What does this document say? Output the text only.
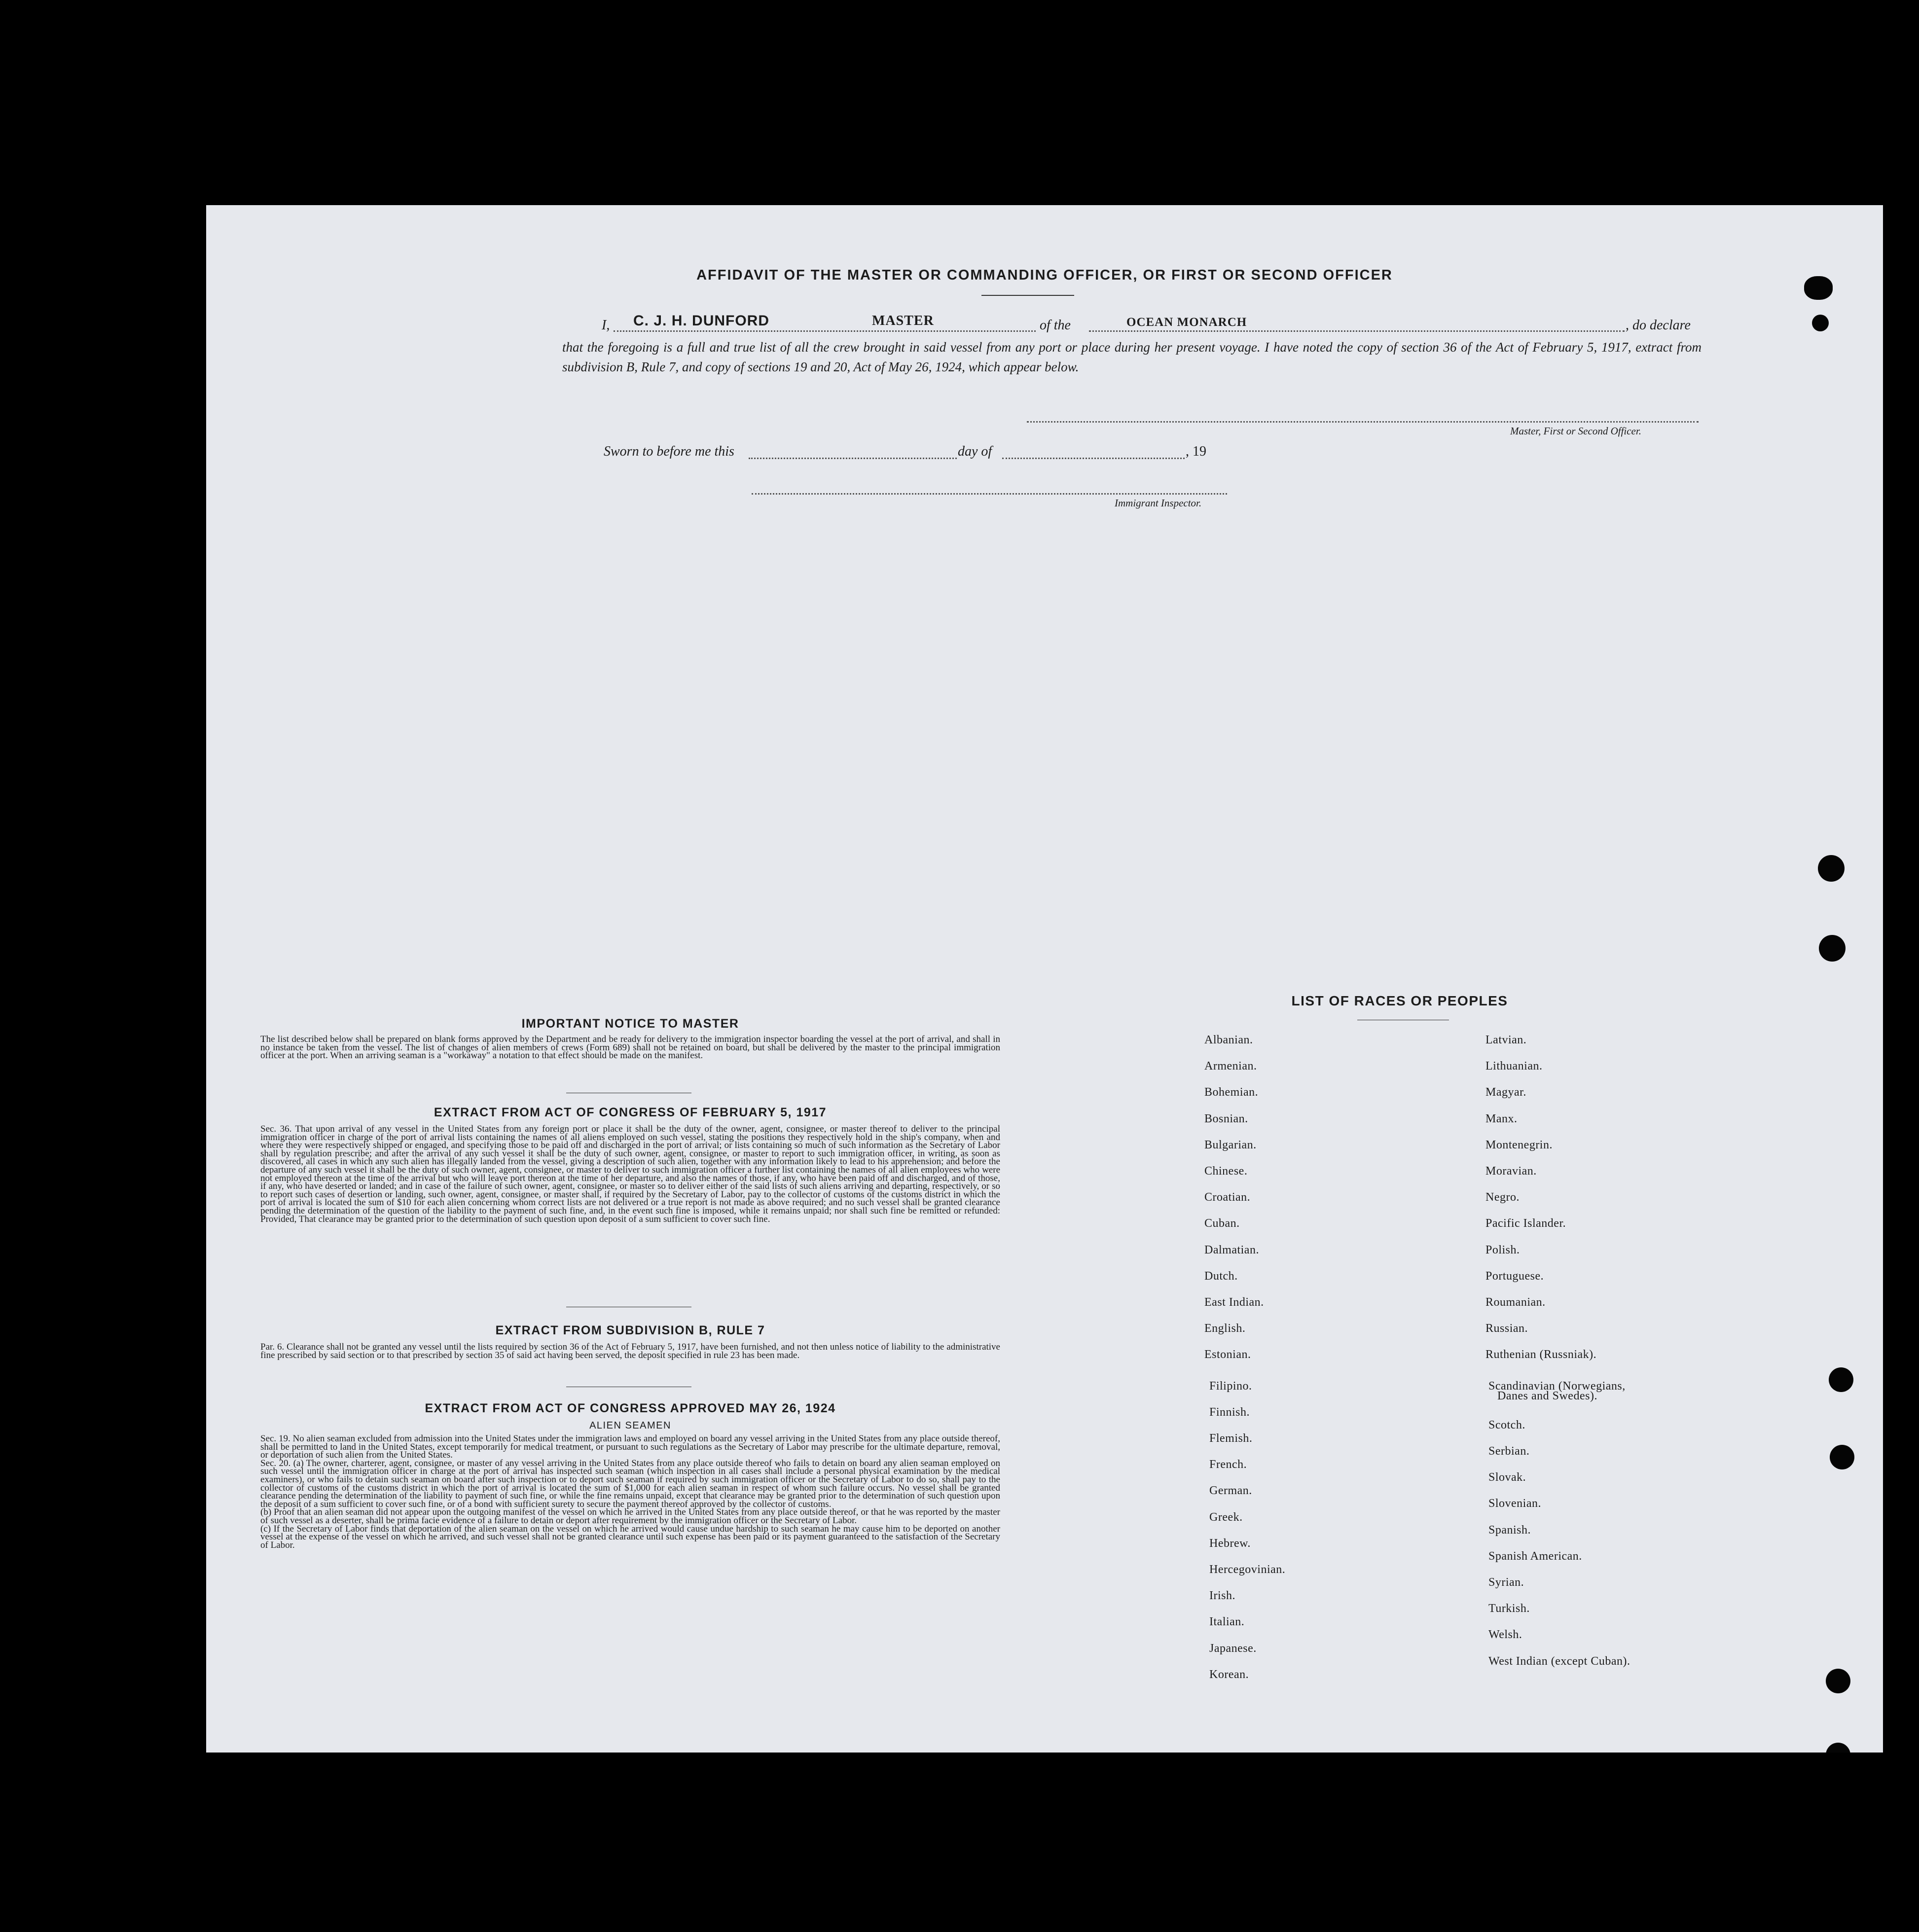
AFFIDAVIT OF THE MASTER OR COMMANDING OFFICER, OR FIRST OR SECOND OFFICER
I, C. J. H. DUNFORD	MASTER	of the	OCEAN MONARCH	, do declare
that the foregoing is a full and true list of all the crew brought in said vessel from any port or place during her present voyage. I have noted the copy of section 36 of the Act of February 5, 1917, extract from subdivision B, Rule 7, and copy of sections 19 and 20, Act of May 26, 1924, which appear below.
Master, First or Second Officer.
Sworn to before me this	day of	, 19
Immigrant Inspector.
IMPORTANT NOTICE TO MASTER
The list described below shall be prepared on blank forms approved by the Department and be ready for delivery to the immigration inspector boarding the vessel at the port of arrival, and shall in no instance be taken from the vessel. The list of changes of alien members of crews (Form 689) shall not be retained on board, but shall be delivered by the master to the principal immigration officer at the port. When an arriving seaman is a "workaway" a notation to that effect should be made on the manifest.
EXTRACT FROM ACT OF CONGRESS OF FEBRUARY 5, 1917
Sec. 36. That upon arrival of any vessel in the United States from any foreign port or place it shall be the duty of the owner, agent, consignee, or master thereof to deliver to the principal immigration officer in charge of the port of arrival lists containing the names of all aliens employed on such vessel, stating the positions they respectively hold in the ship's company, when and where they were respectively shipped or engaged, and specifying those to be paid off and discharged in the port of arrival; or lists containing so much of such information as the Secretary of Labor shall by regulation prescribe; and after the arrival of any such vessel it shall be the duty of such owner, agent, consignee, or master to report to such immigration officer, in writing, as soon as discovered, all cases in which any such alien has illegally landed from the vessel, giving a description of such alien, together with any information likely to lead to his apprehension; and before the departure of any such vessel it shall be the duty of such owner, agent, consignee, or master to deliver to such immigration officer a further list containing the names of all alien employees who were not employed thereon at the time of the arrival but who will leave port thereon at the time of her departure, and also the names of those, if any, who have been paid off and discharged, and of those, if any, who have deserted or landed; and in case of the failure of such owner, agent, consignee, or master so to deliver either of the said lists of such aliens arriving and departing, respectively, or so to report such cases of desertion or landing, such owner, agent, consignee, or master shall, if required by the Secretary of Labor, pay to the collector of customs of the customs district in which the port of arrival is located the sum of $10 for each alien concerning whom correct lists are not delivered or a true report is not made as above required; and no such vessel shall be granted clearance pending the determination of the question of the liability to the payment of such fine, and, in the event such fine is imposed, while it remains unpaid; nor shall such fine be remitted or refunded: Provided, That clearance may be granted prior to the determination of such question upon deposit of a sum sufficient to cover such fine.
EXTRACT FROM SUBDIVISION B, RULE 7
Par. 6. Clearance shall not be granted any vessel until the lists required by section 36 of the Act of February 5, 1917, have been furnished, and not then unless notice of liability to the administrative fine prescribed by said section or to that prescribed by section 35 of said act having been served, the deposit specified in rule 23 has been made.
EXTRACT FROM ACT OF CONGRESS APPROVED MAY 26, 1924
ALIEN SEAMEN
Sec. 19. No alien seaman excluded from admission into the United States under the immigration laws and employed on board any vessel arriving in the United States from any place outside thereof, shall be permitted to land in the United States, except temporarily for medical treatment, or pursuant to such regulations as the Secretary of Labor may prescribe for the ultimate departure, removal, or deportation of such alien from the United States.
Sec. 20. (a) The owner, charterer, agent, consignee, or master of any vessel arriving in the United States from any place outside thereof who fails to detain on board any alien seaman employed on such vessel until the immigration officer in charge at the port of arrival has inspected such seaman (which inspection in all cases shall include a personal physical examination by the medical examiners), or who fails to detain such seaman on board after such inspection or to deport such seaman if required by such immigration officer or the Secretary of Labor to do so, shall pay to the collector of customs of the customs district in which the port of arrival is located the sum of $1,000 for each alien seaman in respect of whom such failure occurs. No vessel shall be granted clearance pending the determination of the liability to payment of such fine, or while the fine remains unpaid, except that clearance may be granted prior to the determination of such question upon the deposit of a sum sufficient to cover such fine, or of a bond with sufficient surety to secure the payment thereof approved by the collector of customs.
(b) Proof that an alien seaman did not appear upon the outgoing manifest of the vessel on which he arrived in the United States from any place outside thereof, or that he was reported by the master of such vessel as a deserter, shall be prima facie evidence of a failure to detain or deport after requirement by the immigration officer or the Secretary of Labor.
(c) If the Secretary of Labor finds that deportation of the alien seaman on the vessel on which he arrived would cause undue hardship to such seaman he may cause him to be deported on another vessel at the expense of the vessel on which he arrived, and such vessel shall not be granted clearance until such expense has been paid or its payment guaranteed to the satisfaction of the Secretary of Labor.
LIST OF RACES OR PEOPLES
Albanian.
Armenian.
Bohemian.
Bosnian.
Bulgarian.
Chinese.
Croatian.
Cuban.
Dalmatian.
Dutch.
East Indian.
English.
Estonian.
Filipino.
Finnish.
Flemish.
French.
German.
Greek.
Hebrew.
Hercegovinian.
Irish.
Italian.
Japanese.
Korean.
Latvian.
Lithuanian.
Magyar.
Manx.
Montenegrin.
Moravian.
Negro.
Pacific Islander.
Polish.
Portuguese.
Roumanian.
Russian.
Ruthenian (Russniak).
Scandinavian (Norwegians,
Danes and Swedes).
Scotch.
Serbian.
Slovak.
Slovenian.
Spanish.
Spanish American.
Syrian.
Turkish.
Welsh.
West Indian (except Cuban).
